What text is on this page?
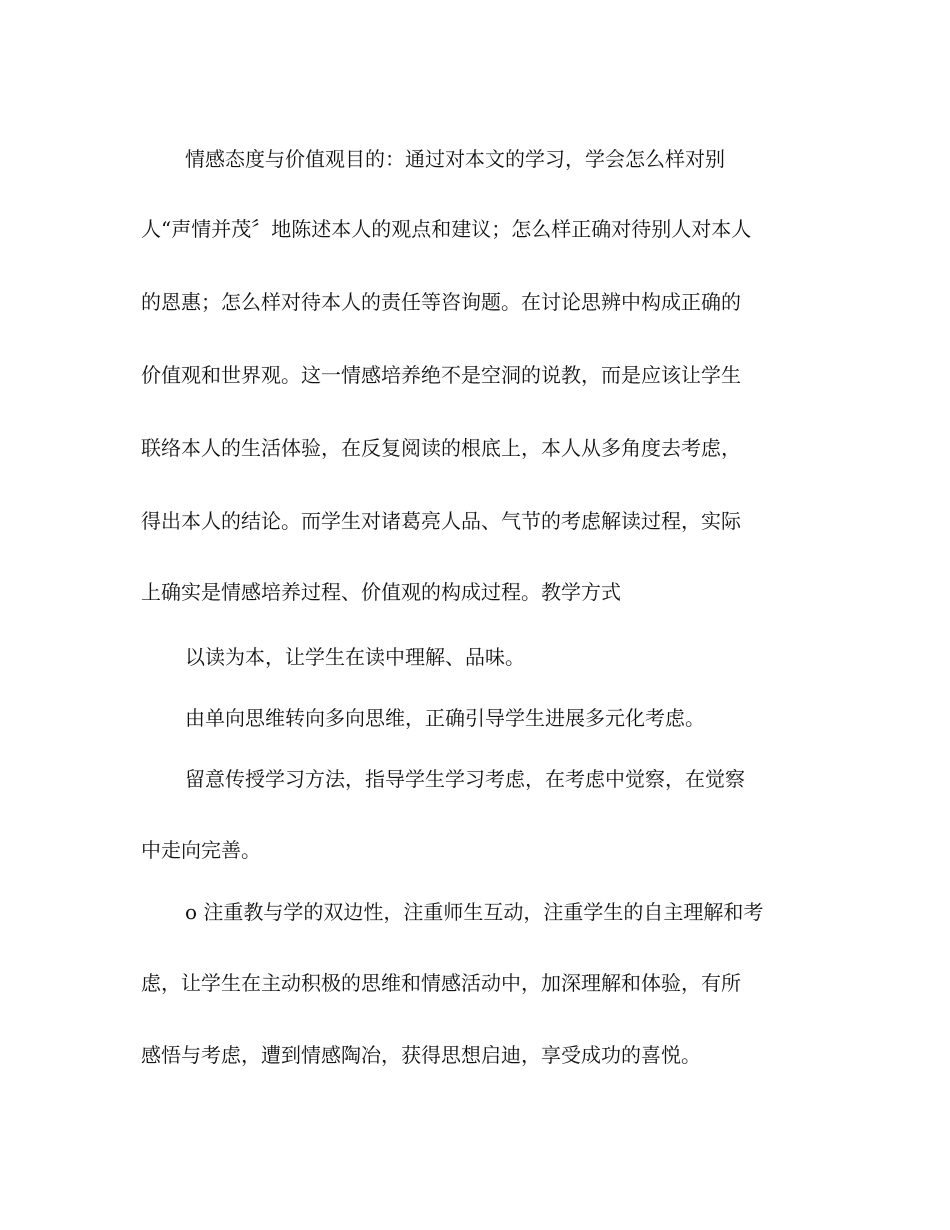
情感态度与价值观目的：通过对本文的学习，学会怎么样对别
人“声情并茂〞地陈述本人的观点和建议；怎么样正确对待别人对本人
的恩惠；怎么样对待本人的责任等咨询题。在讨论思辨中构成正确的
价值观和世界观。这一情感培养绝不是空洞的说教，而是应该让学生
联络本人的生活体验，在反复阅读的根底上，本人从多角度去考虑，
得出本人的结论。而学生对诸葛亮人品、气节的考虑解读过程，实际
上确实是情感培养过程、价值观的构成过程。教学方式
以读为本，让学生在读中理解、品味。
由单向思维转向多向思维，正确引导学生进展多元化考虑。
留意传授学习方法，指导学生学习考虑，在考虑中觉察，在觉察
中走向完善。
o 注重教与学的双边性，注重师生互动，注重学生的自主理解和考
虑，让学生在主动积极的思维和情感活动中，加深理解和体验，有所
感悟与考虑，遭到情感陶冶，获得思想启迪，享受成功的喜悦。
